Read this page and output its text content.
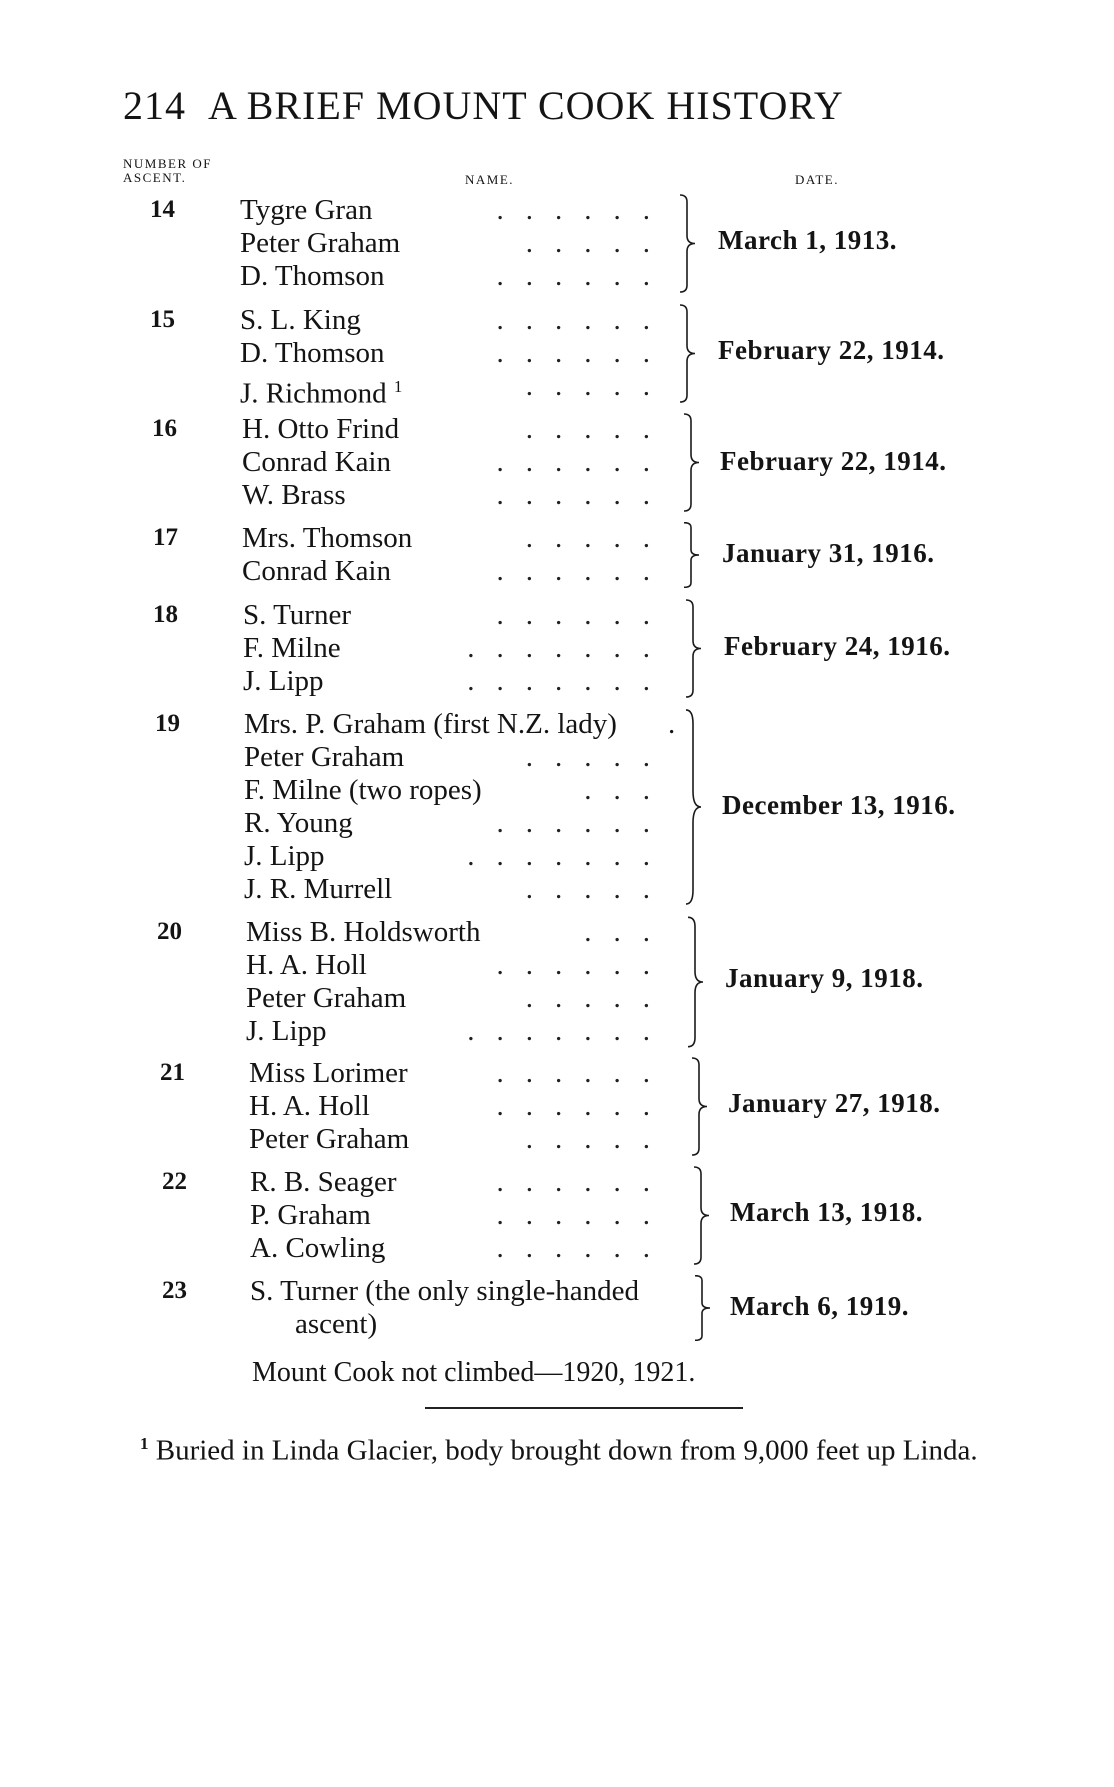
214 A BRIEF MOUNT COOK HISTORY
NUMBER OF
ASCENT.	NAME.	DATE.
14 Tygre Gran	......
Peter Graham	.....
D. Thomson	......
March 1, 1913.
15 S. L. King	......
D. Thomson	......
J. Richmond $^1$	.....
February 22, 1914.
16 H. Otto Frind	.....
Conrad Kain	......
W. Brass	......
February 22, 1914.
17 Mrs. Thomson	.....
Conrad Kain	......
January 31, 1916.
18 S. Turner	......
F. Milne	.......
J. Lipp	.......
February 24, 1916.
19 Mrs. P. Graham (first N.Z. lady) .
Peter Graham	.....
F. Milne (two ropes)	...
R. Young	......
J. Lipp	.......
J. R. Murrell	.....
December 13, 1916.
20 Miss B. Holdsworth	...
H. A. Holl	......
Peter Graham	.....
J. Lipp	.......
January 9, 1918.
21 Miss Lorimer	......
H. A. Holl	......
Peter Graham	.....
January 27, 1918.
22 R. B. Seager	......
P. Graham	......
A. Cowling	......
March 13, 1918.
23 S. Turner (the only single-handed
ascent)
March 6, 1919.
Mount Cook not climbed—1920, 1921.
$^1$ Buried in Linda Glacier, body brought down from 9,000 feet up Linda.
